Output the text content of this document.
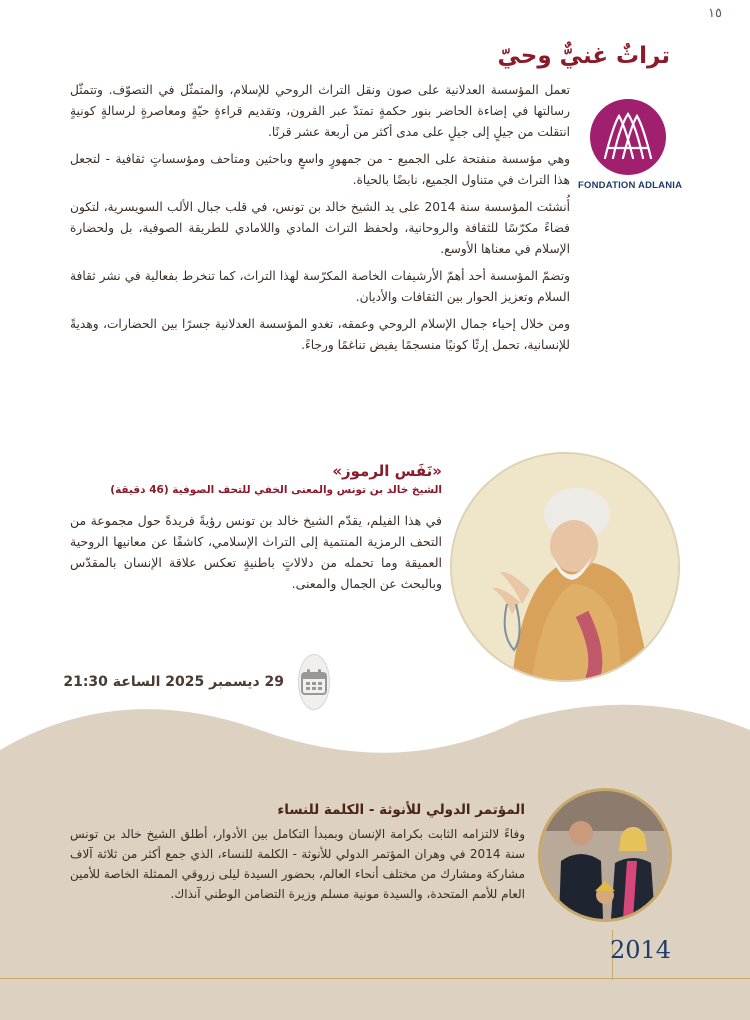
١٥
تراثٌ غنيٌّ وحيّ
FONDATION ADLANIA

تعمل المؤسسة العدلانية على صون ونقل التراث الروحي للإسلام، والمتمثّل في التصوّف. وتتمثّل رسالتها في إضاءة الحاضر بنور حكمةٍ تمتدّ عبر القرون، وتقديم قراءةٍ حيّةٍ ومعاصرةٍ لرسالةٍ كونيةٍ انتقلت من جيلٍ إلى جيلٍ على مدى أكثر من أربعة عشر قرنًا.

وهي مؤسسة منفتحة على الجميع - من جمهورٍ واسعٍ وباحثين ومتاحف ومؤسساتٍ ثقافية - لتجعل هذا التراث في متناول الجميع، نابضًا بالحياة.

أُنشئت المؤسسة سنة 2014 على يد الشيخ خالد بن تونس، في قلب جبال الألب السويسرية، لتكون فضاءً مكرّسًا للثقافة والروحانية، ولحفظ التراث المادي واللامادي للطريقة الصوفية، بل ولحضارة الإسلام في معناها الأوسع.

وتضمّ المؤسسة أحد أهمّ الأرشيفات الخاصة المكرّسة لهذا التراث، كما تنخرط بفعالية في نشر ثقافة السلام وتعزيز الحوار بين الثقافات والأديان.

ومن خلال إحياء جمال الإسلام الروحي وعمقه، تغدو المؤسسة العدلانية جسرًا بين الحضارات، وهديةً للإنسانية، تحمل إرثًا كونيًا منسجمًا يفيض تناغمًا ورجاءً.

«نَفَس الرموز»
الشيخ خالد بن تونس والمعنى الخفي للتحف الصوفية (46 دقيقة)
في هذا الفيلم، يقدّم الشيخ خالد بن تونس رؤيةً فريدةً حول مجموعة من التحف الرمزية المنتمية إلى التراث الإسلامي، كاشفًا عن معانيها الروحية العميقة وما تحمله من دلالاتٍ باطنيةٍ تعكس علاقة الإنسان بالمقدّس وبالبحث عن الجمال والمعنى.
29 ديسمبر 2025 الساعة 21:30
المؤتمر الدولي للأنوثة - الكلمة للنساء
وفاءً لالتزامه الثابت بكرامة الإنسان وبمبدأ التكامل بين الأدوار، أطلق الشيخ خالد بن تونس سنة 2014 في وهران المؤتمر الدولي للأنوثة - الكلمة للنساء، الذي جمع أكثر من ثلاثة آلاف مشاركة ومشارك من مختلف أنحاء العالم، بحضور السيدة ليلى زروقي الممثلة الخاصة للأمين العام للأمم المتحدة، والسيدة مونية مسلم وزيرة التضامن الوطني آنذاك.
2014
